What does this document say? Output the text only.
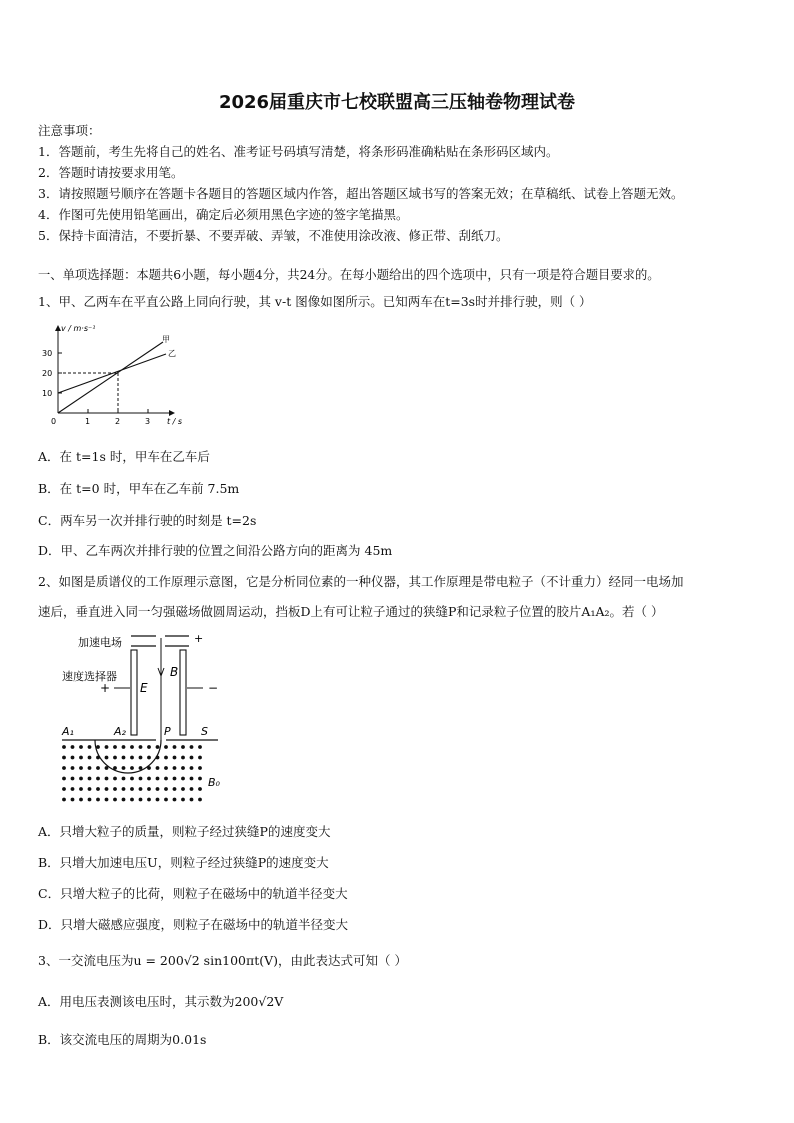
2026届重庆市七校联盟高三压轴卷物理试卷
注意事项：
1．答题前，考生先将自己的姓名、准考证号码填写清楚，将条形码准确粘贴在条形码区域内。
2．答题时请按要求用笔。
3．请按照题号顺序在答题卡各题目的答题区域内作答，超出答题区域书写的答案无效；在草稿纸、试卷上答题无效。
4．作图可先使用铅笔画出，确定后必须用黑色字迹的签字笔描黑。
5．保持卡面清洁，不要折暴、不要弄破、弄皱，不准使用涂改液、修正带、刮纸刀。
一、单项选择题：本题共6小题，每小题4分，共24分。在每小题给出的四个选项中，只有一项是符合题目要求的。
1、甲、乙两车在平直公路上同向行驶，其 v-t 图像如图所示。已知两车在t=3s时并排行驶，则（ ）
v / m·s⁻¹
t / s
10
20
30
0	1	2	3
甲
乙
A．在 t=1s 时，甲车在乙车后
B．在 t=0 时，甲车在乙车前 7.5m
C．两车另一次并排行驶的时刻是 t=2s
D．甲、乙车两次并排行驶的位置之间沿公路方向的距离为 45m
2、如图是质谱仪的工作原理示意图，它是分析同位素的一种仪器，其工作原理是带电粒子（不计重力）经同一电场加
速后，垂直进入同一匀强磁场做圆周运动，挡板D上有可让粒子通过的狭缝P和记录粒子位置的胶片A₁A₂。若（ ）
加速电场	+
速度选择器
+	−
E
B
A₁	A₂	P	S
B₀
A．只增大粒子的质量，则粒子经过狭缝P的速度变大
B．只增大加速电压U，则粒子经过狭缝P的速度变大
C．只增大粒子的比荷，则粒子在磁场中的轨道半径变大
D．只增大磁感应强度，则粒子在磁场中的轨道半径变大
3、一交流电压为u = 200√2 sin100πt(V)，由此表达式可知（ ）
A．用电压表测该电压时，其示数为200√2V
B．该交流电压的周期为0.01s
